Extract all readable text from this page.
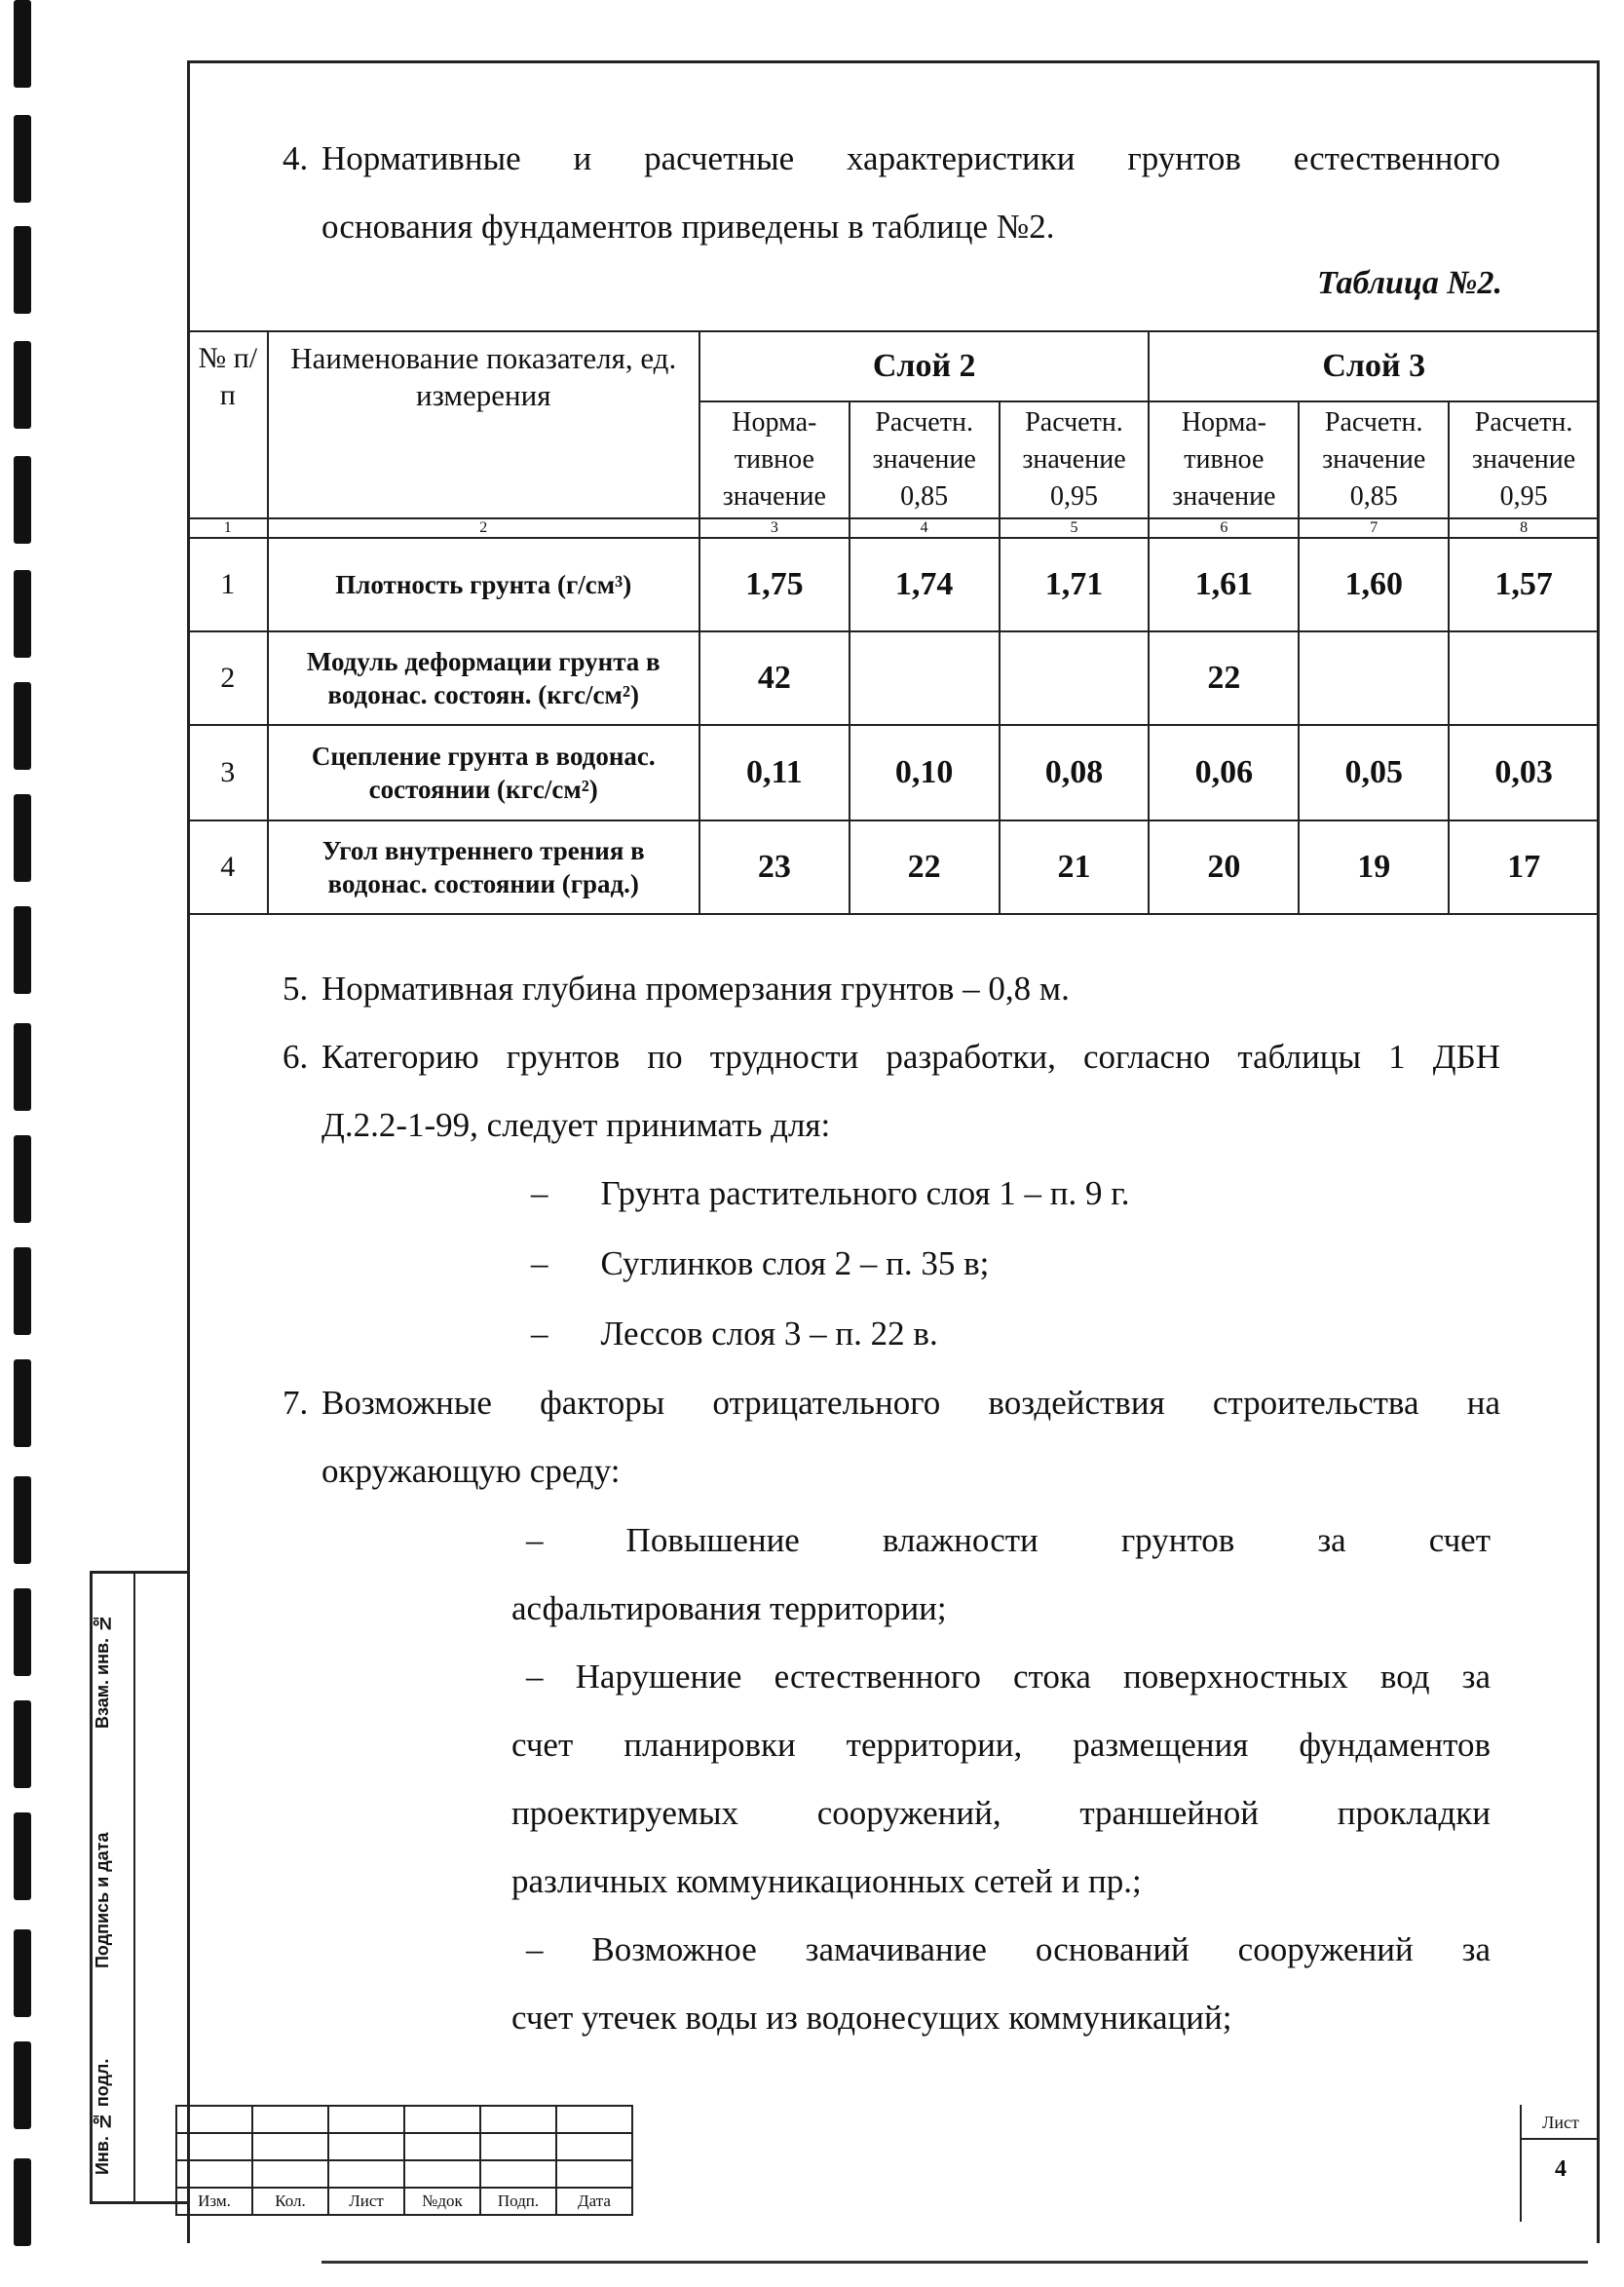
4. Нормативные и расчетные характеристики грунтов естественного
основания фундаментов приведены в таблице №2.
Таблица №2.
№ п/п	Наименование показателя, ед. измерения	Слой 2			Слой 3		
		Норма-тивное значение	Расчетн. значение 0,85	Расчетн. значение 0,95	Норма-тивное значение	Расчетн. значение 0,85	Расчетн. значение 0,95
1	2	3	4	5	6	7	8
1	Плотность грунта (г/см³)	1,75	1,74	1,71	1,61	1,60	1,57
2	Модуль деформации грунта в водонас. состоян. (кгс/см²)	42			22		
3	Сцепление грунта в водонас. состоянии (кгс/см²)	0,11	0,10	0,08	0,06	0,05	0,03
4	Угол внутреннего трения в водонас. состоянии (град.)	23	22	21	20	19	17
5. Нормативная глубина промерзания грунтов – 0,8 м.
6. Категорию грунтов по трудности разработки, согласно таблицы 1 ДБН
Д.2.2-1-99, следует принимать для:
– Грунта растительного слоя 1 – п. 9 г.
– Суглинков слоя 2 – п. 35 в;
– Лессов слоя 3 – п. 22 в.
7. Возможные факторы отрицательного воздействия строительства на
окружающую среду:
– Повышение влажности грунтов за счет
асфальтирования территории;
– Нарушение естественного стока поверхностных вод за
счет планировки территории, размещения фундаментов
проектируемых сооружений, траншейной прокладки
различных коммуникационных сетей и пр.;
– Возможное замачивание оснований сооружений за
счет утечек воды из водонесущих коммуникаций;
Взам. инв. №
Подпись и дата
Инв. № подл.

Изм.	Кол.	Лист	№док	Подп.	Дата
Лист
4
